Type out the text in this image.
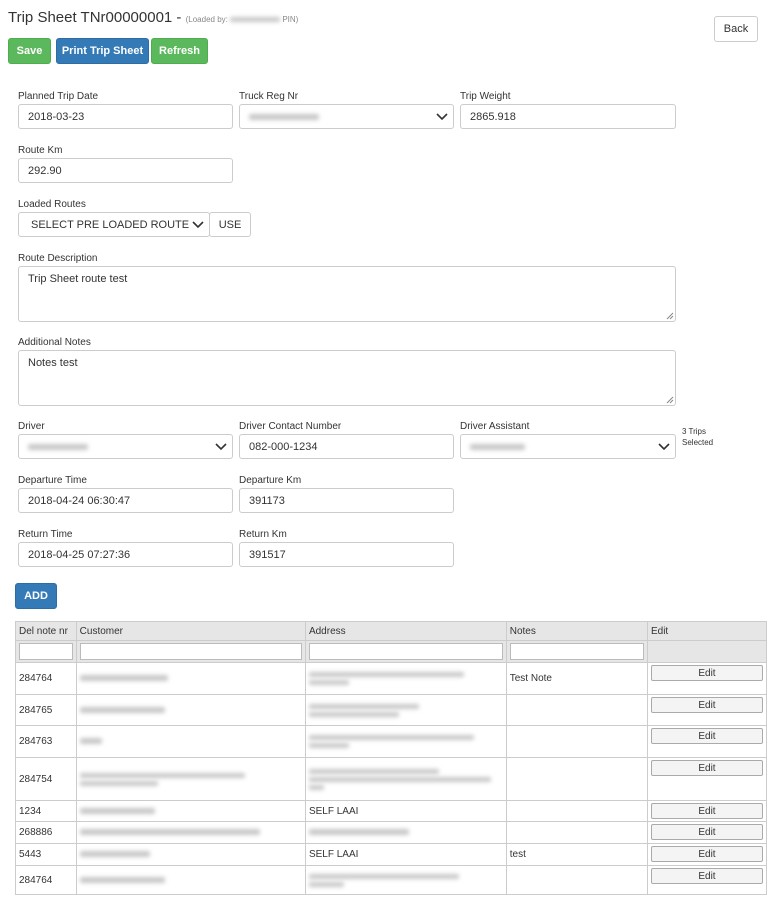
Trip Sheet TNr00000001 - (Loaded by:	PIN)
Back
Save	Print Trip Sheet	Refresh
Planned Trip Date
2018-03-23
Truck Reg Nr	Trip Weight
2865.918
Route Km
292.90
Loaded Routes
SELECT PRE LOADED ROUTE	USE
Route Description
Trip Sheet route test
Additional Notes
Notes test
Driver	Driver Contact Number
082-000-1234
Driver Assistant	3 Trips
Selected
Departure Time
2018-04-24 06:30:47
Departure Km
391173
Return Time
2018-04-25 07:27:36
Return Km
391517
ADD
Del note nr	Customer	Address	Notes	Edit

284764			Test Note	Edit

284765				Edit

284763				Edit

284754				Edit

1234		SELF LAAI		Edit

268886				Edit

5443		SELF LAAI	test	Edit

284764				Edit
